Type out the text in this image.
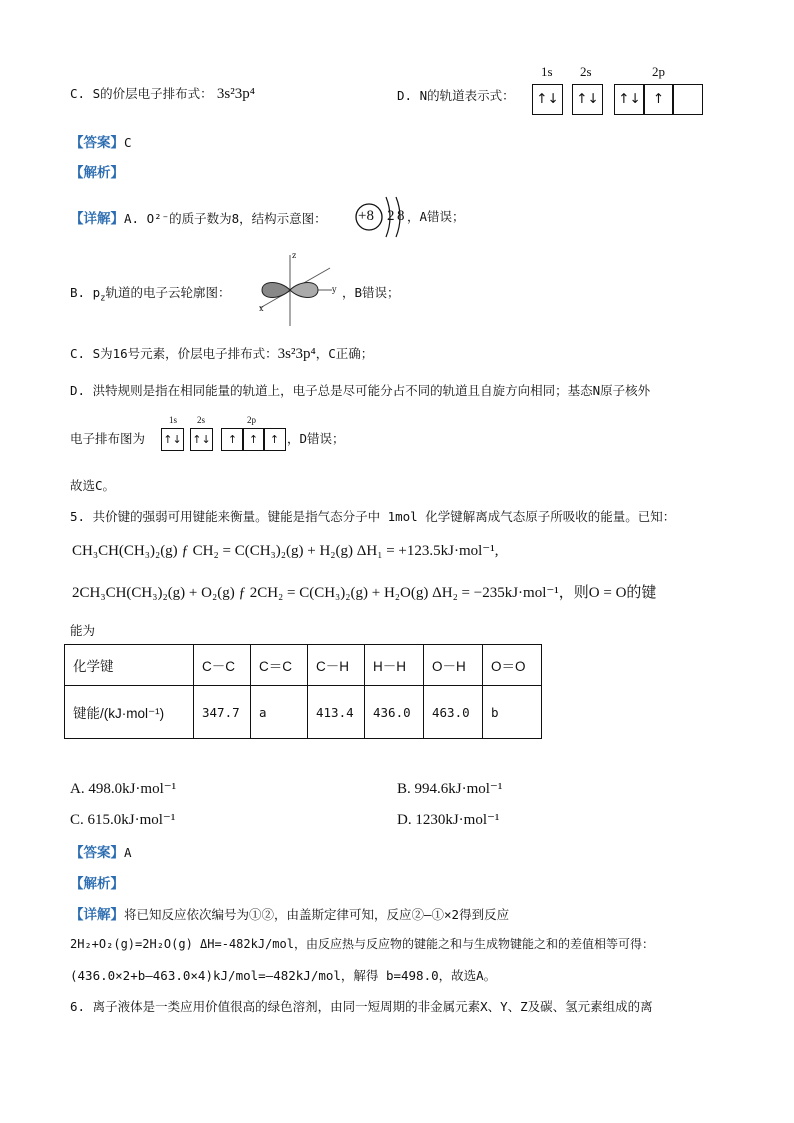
C. S的价层电子排布式： 3s²3p⁴	D. N的轨道表示式：
1s 2s	2p
↑↓	↑↓	↑↓ ↑
【答案】C
【解析】
【详解】A. O²⁻的质子数为8，结构示意图： +8 2 8 ，A错误；
B. $p_z$轨道的电子云轮廓图：
z
y
x
，B错误；
C. S为16号元素，价层电子排布式：3s²3p⁴，C正确；
D. 洪特规则是指在相同能量的轨道上，电子总是尽可能分占不同的轨道且自旋方向相同；基态N原子核外
电子排布图为
1s 2s	2p
↑↓ ↑↓	↑	↑	↑ ，D错误；
故选C。
5. 共价键的强弱可用键能来衡量。键能是指气态分子中 1mol 化学键解离成气态原子所吸收的能量。已知：
CH₃CH(CH₃)₂(g) ƒ CH₂ = C(CH₃)₂(g) + H₂(g) ΔH₁ = +123.5kJ·mol⁻¹,
2CH₃CH(CH₃)₂(g) + O₂(g) ƒ 2CH₂ = C(CH₃)₂(g) + H₂O(g) ΔH₂ = −235kJ·mol⁻¹，则O = O的键
能为
化学键	C－C	C＝C	C－H	H－H	O－H	O＝O
键能/(kJ·mol⁻¹)	347.7	a	413.4	436.0	463.0	b
A. 498.0kJ·mol⁻¹	B. 994.6kJ·mol⁻¹
C. 615.0kJ·mol⁻¹	D. 1230kJ·mol⁻¹
【答案】A
【解析】
【详解】将已知反应依次编号为①②，由盖斯定律可知，反应②—①×2得到反应
2H₂+O₂(g)=2H₂O(g) ΔH=-482kJ/mol，由反应热与反应物的键能之和与生成物键能之和的差值相等可得：
(436.0×2+b—463.0×4)kJ/mol=—482kJ/mol，解得 b=498.0，故选A。
6. 离子液体是一类应用价值很高的绿色溶剂，由同一短周期的非金属元素X、Y、Z及碳、氢元素组成的离
